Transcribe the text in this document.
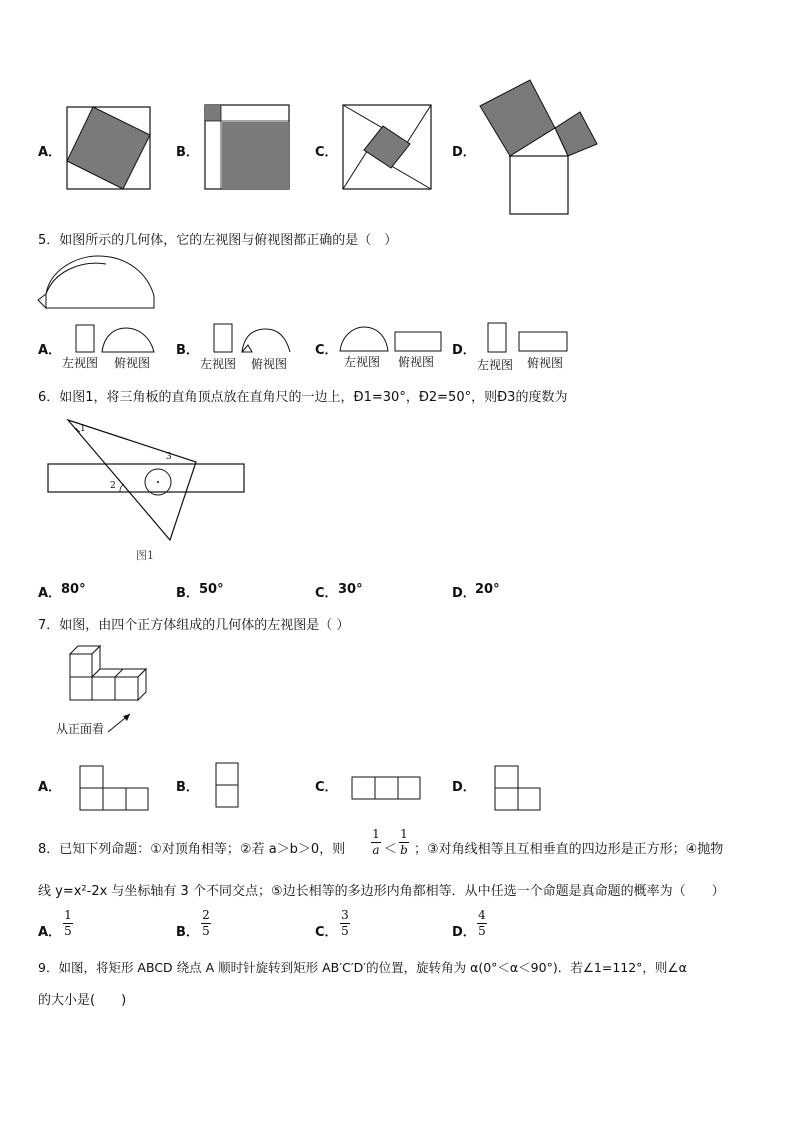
A．	B．	C．	D．
5．如图所示的几何体，它的左视图与俯视图都正确的是（　）
A．
左视图 俯视图
B．
左视图 俯视图
C．
左视图 俯视图
D．
左视图 俯视图
6．如图1，将三角板的直角顶点放在直角尺的一边上，Ð1=30°，Ð2=50°，则Ð3的度数为
1
2
3
图1
A． 80°	B． 50°	C． 30°	D． 20°
7．如图，由四个正方体组成的几何体的左视图是（ ）
从正面看
A．	B．	C．	D．
8．已知下列命题：①对顶角相等；②若 a＞b＞0，则
1
a ＜
1
b ；③对角线相等且互相垂直的四边形是正方形；④抛物
线 y=x²-2x 与坐标轴有 3 个不同交点；⑤边长相等的多边形内角都相等．从中任选一个命题是真命题的概率为（　　）
A．
1
5	B．
2
5	C．
3
5	D．
4
5
9．如图，将矩形 ABCD 绕点 A 顺时针旋转到矩形 AB′C′D′的位置，旋转角为 α(0°＜α＜90°)．若∠1=112°，则∠α
的大小是(　　)
